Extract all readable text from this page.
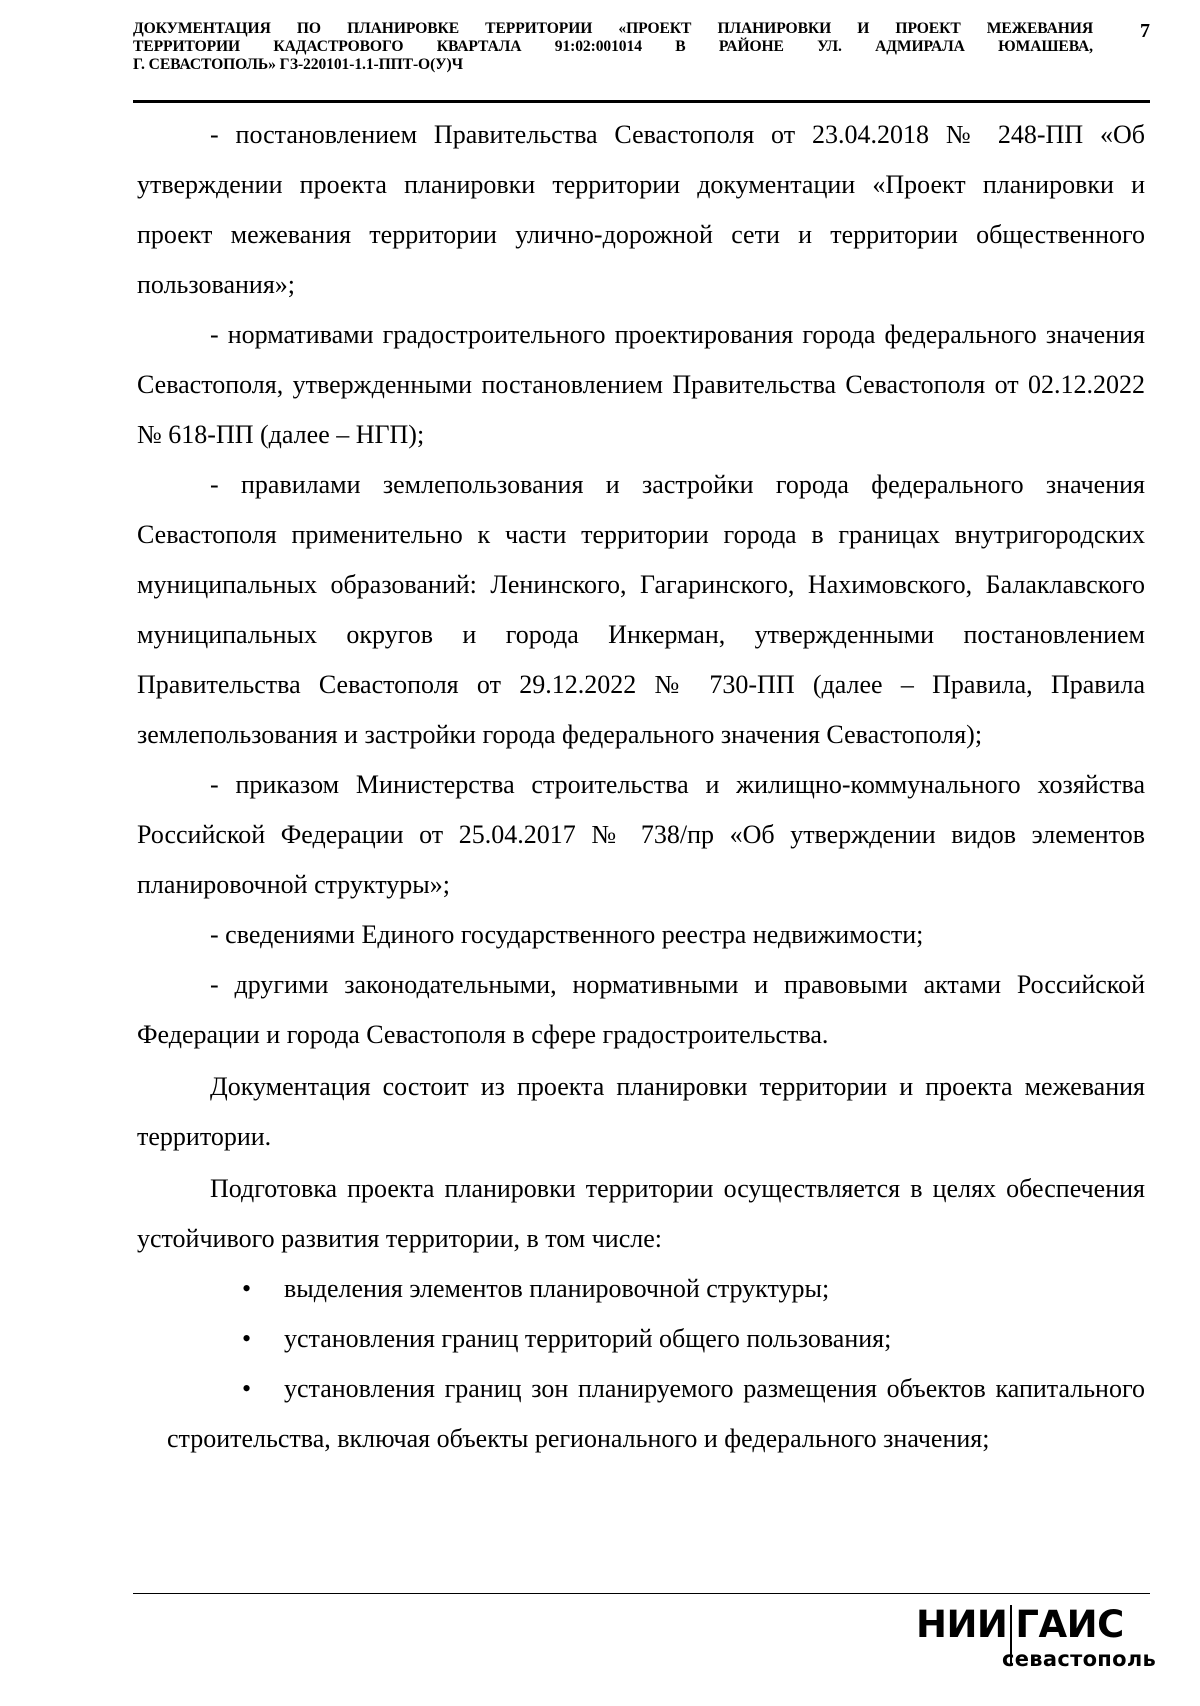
ДОКУМЕНТАЦИЯ ПО ПЛАНИРОВКЕ ТЕРРИТОРИИ «ПРОЕКТ ПЛАНИРОВКИ И ПРОЕКТ МЕЖЕВАНИЯ
ТЕРРИТОРИИ КАДАСТРОВОГО КВАРТАЛА 91:02:001014 В РАЙОНЕ УЛ. АДМИРАЛА ЮМАШЕВА,
Г. СЕВАСТОПОЛЬ» ГЗ-220101-1.1-ППТ-О(У)Ч
7

- постановлением Правительства Севастополя от 23.04.2018 № 248-ПП «Об утверждении проекта планировки территории документации «Проект планировки и проект межевания территории улично-дорожной сети и территории общественного пользования»;

- нормативами градостроительного проектирования города федерального значения Севастополя, утвержденными постановлением Правительства Севастополя от 02.12.2022 № 618-ПП (далее – НГП);

- правилами землепользования и застройки города федерального значения Севастополя применительно к части территории города в границах внутригородских муниципальных образований: Ленинского, Гагаринского, Нахимовского, Балаклавского муниципальных округов и города Инкерман, утвержденными постановлением Правительства Севастополя от 29.12.2022 № 730-ПП (далее – Правила, Правила землепользования и застройки города федерального значения Севастополя);

- приказом Министерства строительства и жилищно-коммунального хозяйства Российской Федерации от 25.04.2017 № 738/пр «Об утверждении видов элементов планировочной структуры»;

- сведениями Единого государственного реестра недвижимости;

- другими законодательными, нормативными и правовыми актами Российской Федерации и города Севастополя в сфере градостроительства.

Документация состоит из проекта планировки территории и проекта межевания территории.

Подготовка проекта планировки территории осуществляется в целях обеспечения устойчивого развития территории, в том числе:

• выделения элементов планировочной структуры;
• установления границ территорий общего пользования;
•	установления границ зон планируемого размещения объектов капитального строительства, включая объекты регионального и федерального значения;
НИИ ГАИС
севастополь
